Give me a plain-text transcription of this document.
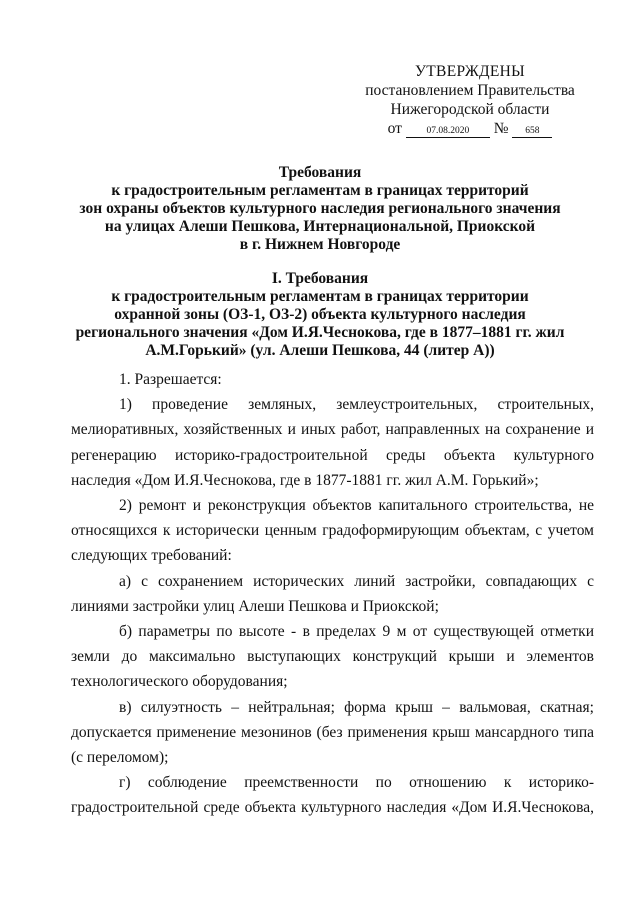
УТВЕРЖДЕНЫ
постановлением Правительства
Нижегородской области
от	07.08.2020 № 658
Требования
к градостроительным регламентам в границах территорий
зон охраны объектов культурного наследия регионального значения
на улицах Алеши Пешкова, Интернациональной, Приокской
в г. Нижнем Новгороде
I. Требования
к градостроительным регламентам в границах территории
охранной зоны (ОЗ-1, ОЗ-2) объекта культурного наследия
регионального значения «Дом И.Я.Чеснокова, где в 1877–1881 гг. жил
А.М.Горький» (ул. Алеши Пешкова, 44 (литер А))

1. Разрешается:

1) проведение земляных, землеустроительных, строительных, мелиоративных, хозяйственных и иных работ, направленных на сохранение и регенерацию историко-градостроительной среды объекта культурного наследия «Дом И.Я.Чеснокова, где в 1877-1881 гг. жил А.М. Горький»;

2) ремонт и реконструкция объектов капитального строительства, не относящихся к исторически ценным градоформирующим объектам, с учетом следующих требований:

а) с сохранением исторических линий застройки, совпадающих с линиями застройки улиц Алеши Пешкова и Приокской;

б) параметры по высоте - в пределах 9 м от существующей отметки земли до максимально выступающих конструкций крыши и элементов технологического оборудования;

в) силуэтность – нейтральная; форма крыш – вальмовая, скатная; допускается применение мезонинов (без применения крыш мансардного типа (с переломом);

г) соблюдение преемственности по отношению к историко-градостроительной среде объекта культурного наследия «Дом И.Я.Чеснокова,
